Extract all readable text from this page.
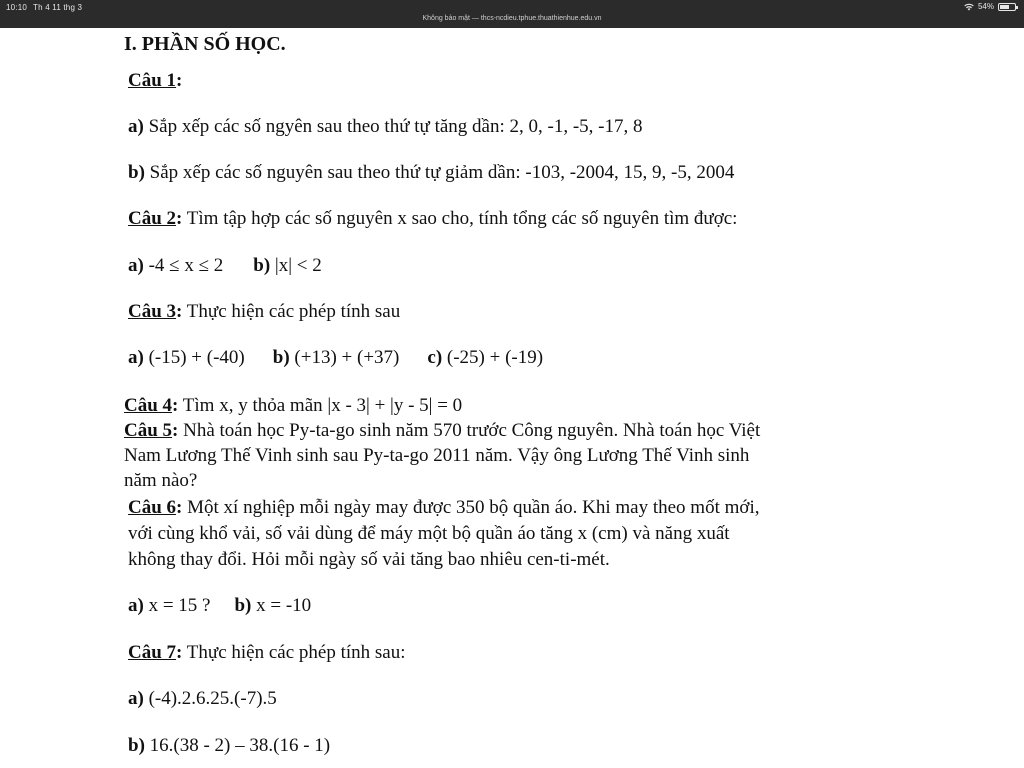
10:10 Th 4 11 thg 3
Không bảo mật — thcs-ncdieu.tphue.thuathienhue.edu.vn
54%
I. PHẦN SỐ HỌC.
Câu 1:
a) Sắp xếp các số ngyên sau theo thứ tự tăng dần: 2, 0, -1, -5, -17, 8
b) Sắp xếp các số nguyên sau theo thứ tự giảm dần: -103, -2004, 15, 9, -5, 2004
Câu 2: Tìm tập hợp các số nguyên x sao cho, tính tổng các số nguyên tìm được:
a) -4 ≤ x ≤ 2 b) |x| < 2
Câu 3: Thực hiện các phép tính sau
a) (-15) + (-40) b) (+13) + (+37) c) (-25) + (-19)
Câu 4: Tìm x, y thỏa mãn |x - 3| + |y - 5| = 0
Câu 5: Nhà toán học Py-ta-go sinh năm 570 trước Công nguyên. Nhà toán học Việt
Nam Lương Thế Vinh sinh sau Py-ta-go 2011 năm. Vậy ông Lương Thế Vinh sinh
năm nào?
Câu 6: Một xí nghiệp mỗi ngày may được 350 bộ quần áo. Khi may theo mốt mới,
với cùng khổ vải, số vải dùng để máy một bộ quần áo tăng x (cm) và năng xuất
không thay đổi. Hỏi mỗi ngày số vải tăng bao nhiêu cen-ti-mét.
a) x = 15 ? b) x = -10
Câu 7: Thực hiện các phép tính sau:
a) (-4).2.6.25.(-7).5
b) 16.(38 - 2) – 38.(16 - 1)
